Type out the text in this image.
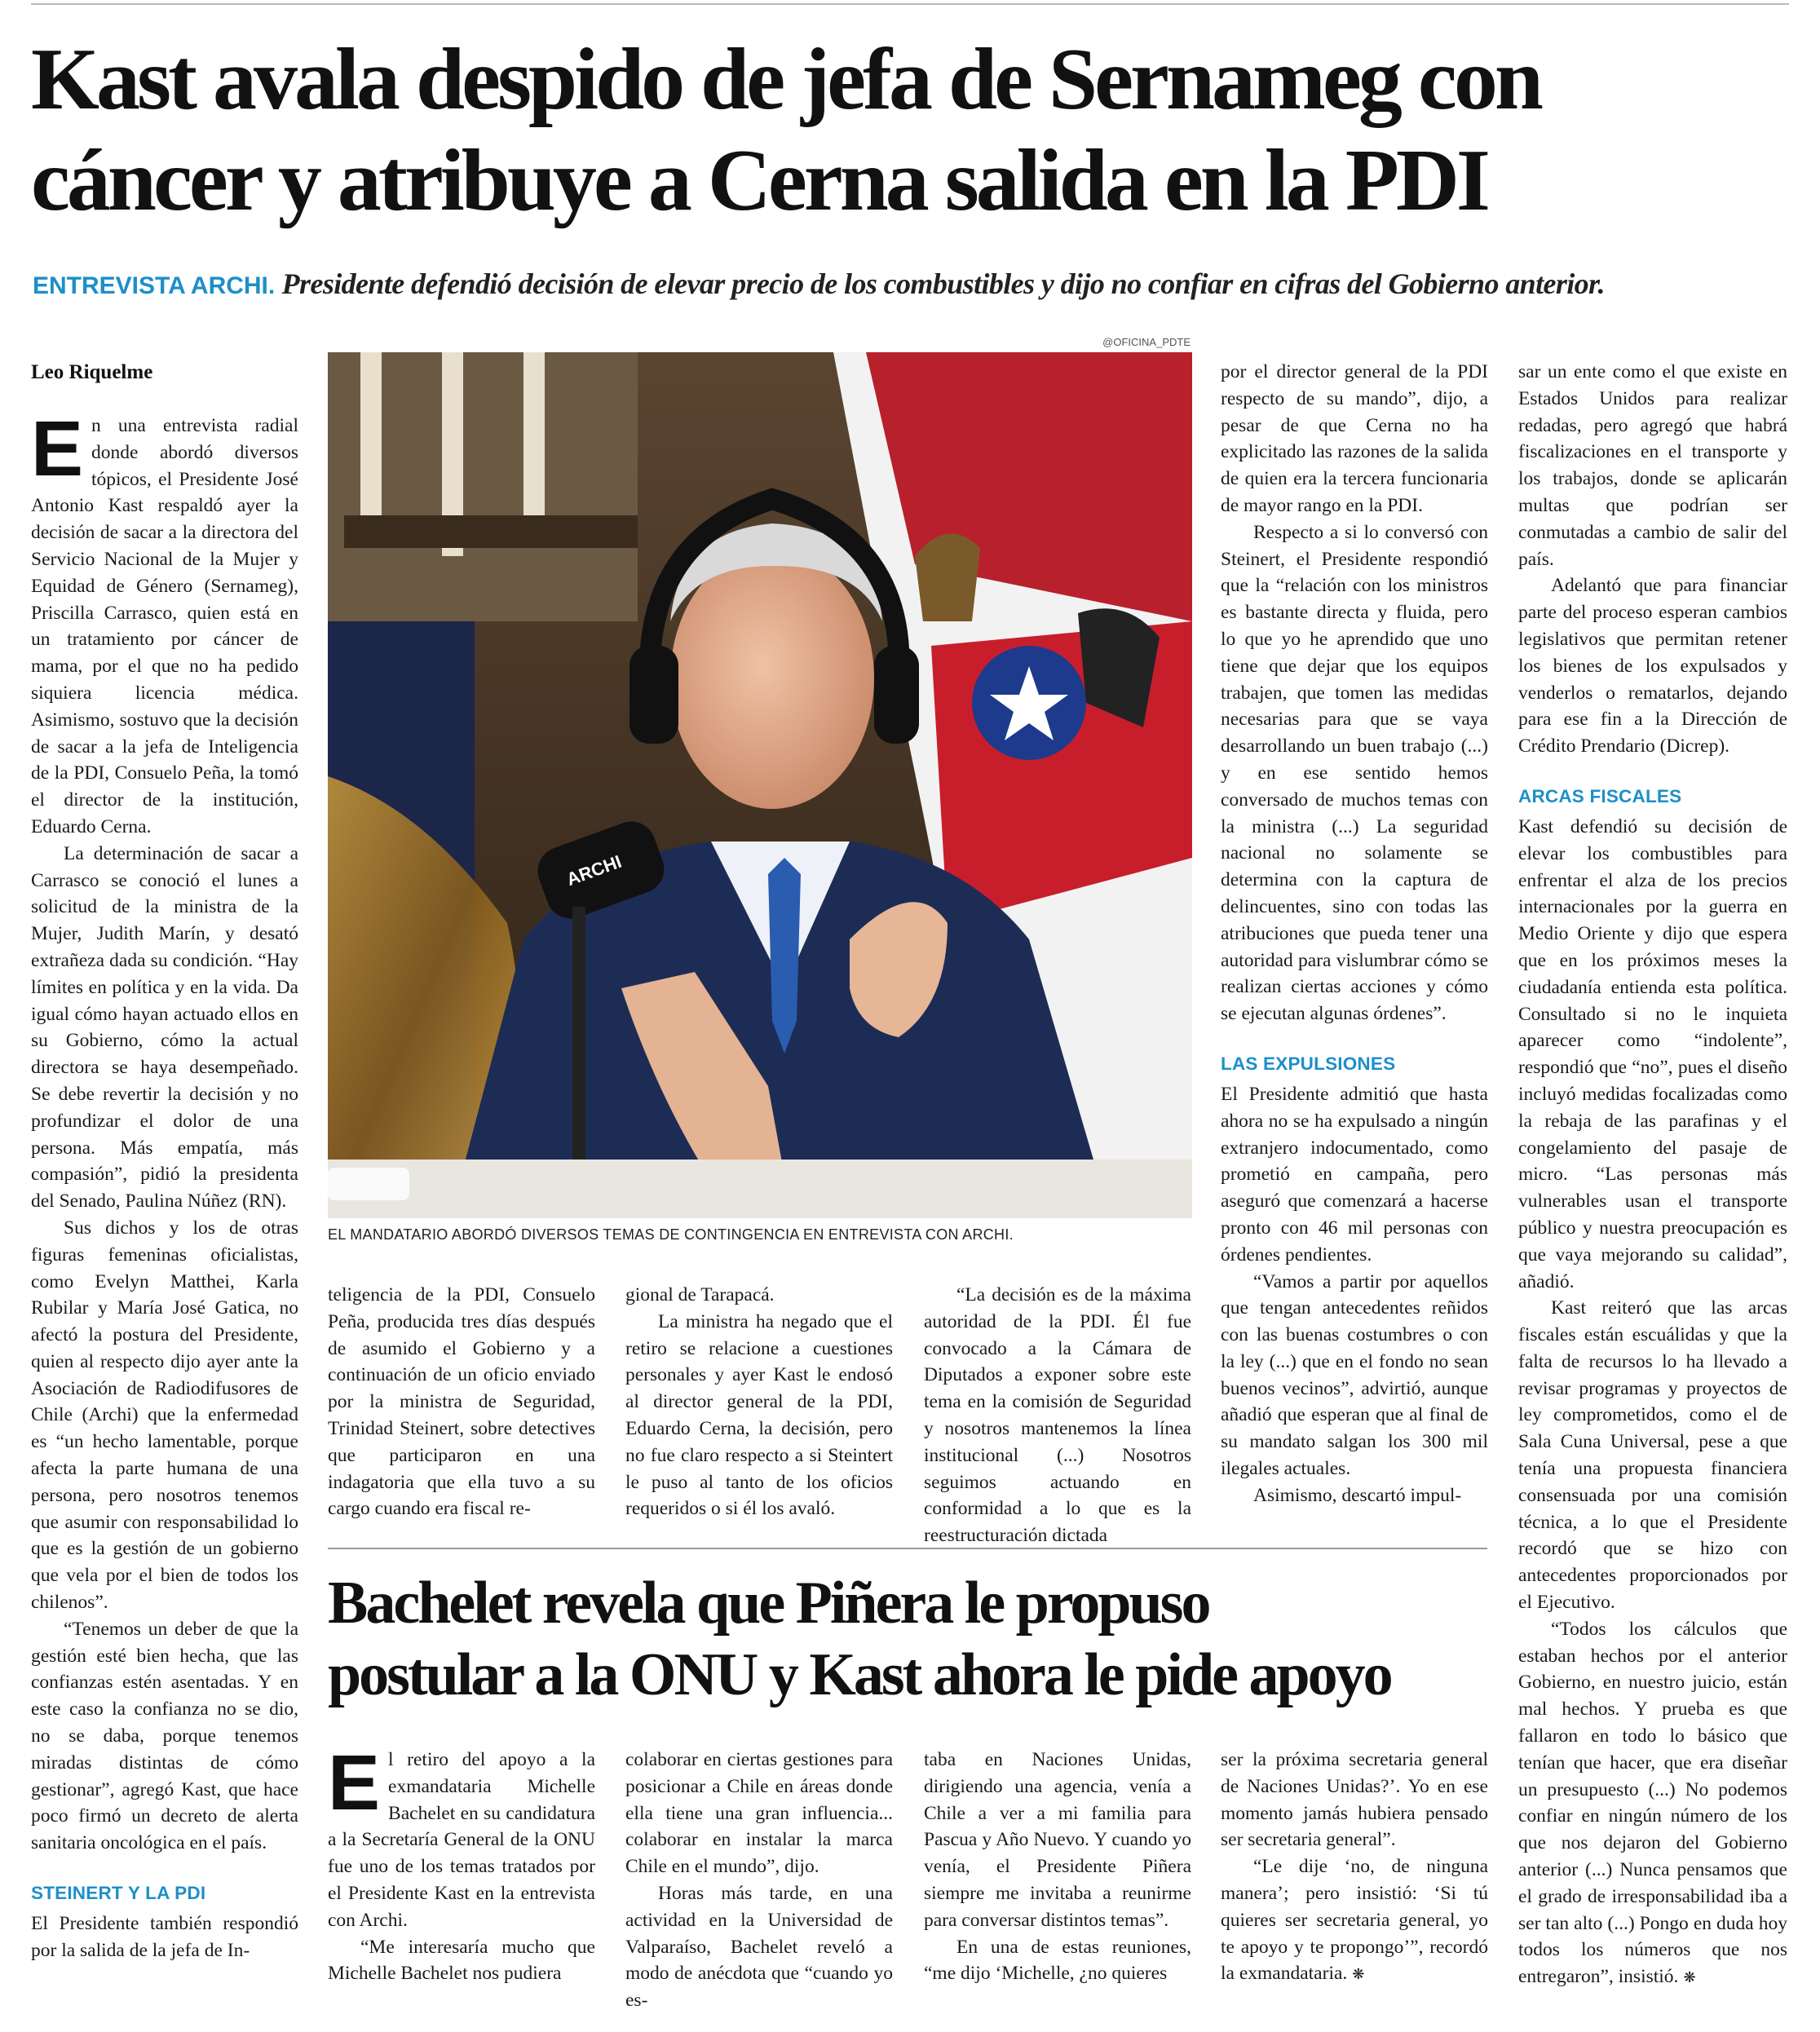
Kast avala despido de jefa de Sernameg con
cáncer y atribuye a Cerna salida en la PDI
ENTREVISTA ARCHI. Presidente defendió decisión de elevar precio de los combustibles y dijo no confiar en cifras del Gobierno anterior.
Leo Riquelme
@OFICINA_PDTE
ARCHI
EL MANDATARIO ABORDÓ DIVERSOS TEMAS DE CONTINGENCIA EN ENTREVISTA CON ARCHI.

En una entrevista radial donde abordó diversos tópicos, el Presidente José Antonio Kast respaldó ayer la decisión de sacar a la directora del Servicio Nacional de la Mujer y Equidad de Género (Sernameg), Priscilla Carrasco, quien está en un tratamiento por cáncer de mama, por el que no ha pedido siquiera licencia médica. Asimismo, sostuvo que la decisión de sacar a la jefa de Inteligencia de la PDI, Consuelo Peña, la tomó el director de la institución, Eduardo Cerna.

La determinación de sacar a Carrasco se conoció el lunes a solicitud de la ministra de la Mujer, Judith Marín, y desató extrañeza dada su condición. “Hay límites en política y en la vida. Da igual cómo hayan actuado ellos en su Gobierno, cómo la actual directora se haya desempeñado. Se debe revertir la decisión y no profundizar el dolor de una persona. Más empatía, más compasión”, pidió la presidenta del Senado, Paulina Núñez (RN).

Sus dichos y los de otras figuras femeninas oficialistas, como Evelyn Matthei, Karla Rubilar y María José Gatica, no afectó la postura del Presidente, quien al respecto dijo ayer ante la Asociación de Radiodifusores de Chile (Archi) que la enfermedad es “un hecho lamentable, porque afecta la parte humana de una persona, pero nosotros tenemos que asumir con responsabilidad lo que es la gestión de un gobierno que vela por el bien de todos los chilenos”.

“Tenemos un deber de que la gestión esté bien hecha, que las confianzas estén asentadas. Y en este caso la confianza no se dio, no se daba, porque tenemos miradas distintas de cómo gestionar”, agregó Kast, que hace poco firmó un decreto de alerta sanitaria oncológica en el país.

STEINERT Y LA PDI

El Presidente también respondió por la salida de la jefa de In-

teligencia de la PDI, Consuelo Peña, producida tres días después de asumido el Gobierno y a continuación de un oficio enviado por la ministra de Seguridad, Trinidad Steinert, sobre detectives que participaron en una indagatoria que ella tuvo a su cargo cuando era fiscal re-

gional de Tarapacá.

La ministra ha negado que el retiro se relacione a cuestiones personales y ayer Kast le endosó al director general de la PDI, Eduardo Cerna, la decisión, pero no fue claro respecto a si Steintert le puso al tanto de los oficios requeridos o si él los avaló.

“La decisión es de la máxima autoridad de la PDI. Él fue convocado a la Cámara de Diputados a exponer sobre este tema en la comisión de Seguridad y nosotros mantenemos la línea institucional (...) Nosotros seguimos actuando en conformidad a lo que es la reestructuración dictada

por el director general de la PDI respecto de su mando”, dijo, a pesar de que Cerna no ha explicitado las razones de la salida de quien era la tercera funcionaria de mayor rango en la PDI.

Respecto a si lo conversó con Steinert, el Presidente respondió que la “relación con los ministros es bastante directa y fluida, pero lo que yo he aprendido que uno tiene que dejar que los equipos trabajen, que tomen las medidas necesarias para que se vaya desarrollando un buen trabajo (...) y en ese sentido hemos conversado de muchos temas con la ministra (...) La seguridad nacional no solamente se determina con la captura de delincuentes, sino con todas las atribuciones que pueda tener una autoridad para vislumbrar cómo se realizan ciertas acciones y cómo se ejecutan algunas órdenes”.

LAS EXPULSIONES

El Presidente admitió que hasta ahora no se ha expulsado a ningún extranjero indocumentado, como prometió en campaña, pero aseguró que comenzará a hacerse pronto con 46 mil personas con órdenes pendientes.

“Vamos a partir por aquellos que tengan antecedentes reñidos con las buenas costumbres o con la ley (...) que en el fondo no sean buenos vecinos”, advirtió, aunque añadió que esperan que al final de su mandato salgan los 300 mil ilegales actuales.

Asimismo, descartó impul-

sar un ente como el que existe en Estados Unidos para realizar redadas, pero agregó que habrá fiscalizaciones en el transporte y los trabajos, donde se aplicarán multas que podrían ser conmutadas a cambio de salir del país.

Adelantó que para financiar parte del proceso esperan cambios legislativos que permitan retener los bienes de los expulsados y venderlos o rematarlos, dejando para ese fin a la Dirección de Crédito Prendario (Dicrep).

ARCAS FISCALES

Kast defendió su decisión de elevar los combustibles para enfrentar el alza de los precios internacionales por la guerra en Medio Oriente y dijo que espera que en los próximos meses la ciudadanía entienda esta política. Consultado si no le inquieta aparecer como “indolente”, respondió que “no”, pues el diseño incluyó medidas focalizadas como la rebaja de las parafinas y el congelamiento del pasaje de micro. “Las personas más vulnerables usan el transporte público y nuestra preocupación es que vaya mejorando su calidad”, añadió.

Kast reiteró que las arcas fiscales están escuálidas y que la falta de recursos lo ha llevado a revisar programas y proyectos de ley comprometidos, como el de Sala Cuna Universal, pese a que tenía una propuesta financiera consensuada por una comisión técnica, a lo que el Presidente recordó que se hizo con antecedentes proporcionados por el Ejecutivo.

“Todos los cálculos que estaban hechos por el anterior Gobierno, en nuestro juicio, están mal hechos. Y prueba es que fallaron en todo lo básico que tenían que hacer, que era diseñar un presupuesto (...) No podemos confiar en ningún número de los que nos dejaron del Gobierno anterior (...) Nunca pensamos que el grado de irresponsabilidad iba a ser tan alto (...) Pongo en duda hoy todos los números que nos entregaron”, insistió. ❋

Bachelet revela que Piñera le propuso
postular a la ONU y Kast ahora le pide apoyo

El retiro del apoyo a la exmandataria Michelle Bachelet en su candidatura a la Secretaría General de la ONU fue uno de los temas tratados por el Presidente Kast en la entrevista con Archi.

“Me interesaría mucho que Michelle Bachelet nos pudiera

colaborar en ciertas gestiones para posicionar a Chile en áreas donde ella tiene una gran influencia... colaborar en instalar la marca Chile en el mundo”, dijo.

Horas más tarde, en una actividad en la Universidad de Valparaíso, Bachelet reveló a modo de anécdota que “cuando yo es-

taba en Naciones Unidas, dirigiendo una agencia, venía a Chile a ver a mi familia para Pascua y Año Nuevo. Y cuando yo venía, el Presidente Piñera siempre me invitaba a reunirme para conversar distintos temas”.

En una de estas reuniones, “me dijo ‘Michelle, ¿no quieres

ser la próxima secretaria general de Naciones Unidas?’. Yo en ese momento jamás hubiera pensado ser secretaria general”.

“Le dije ‘no, de ninguna manera’; pero insistió: ‘Si tú quieres ser secretaria general, yo te apoyo y te propongo’”, recordó la exmandataria. ❋
